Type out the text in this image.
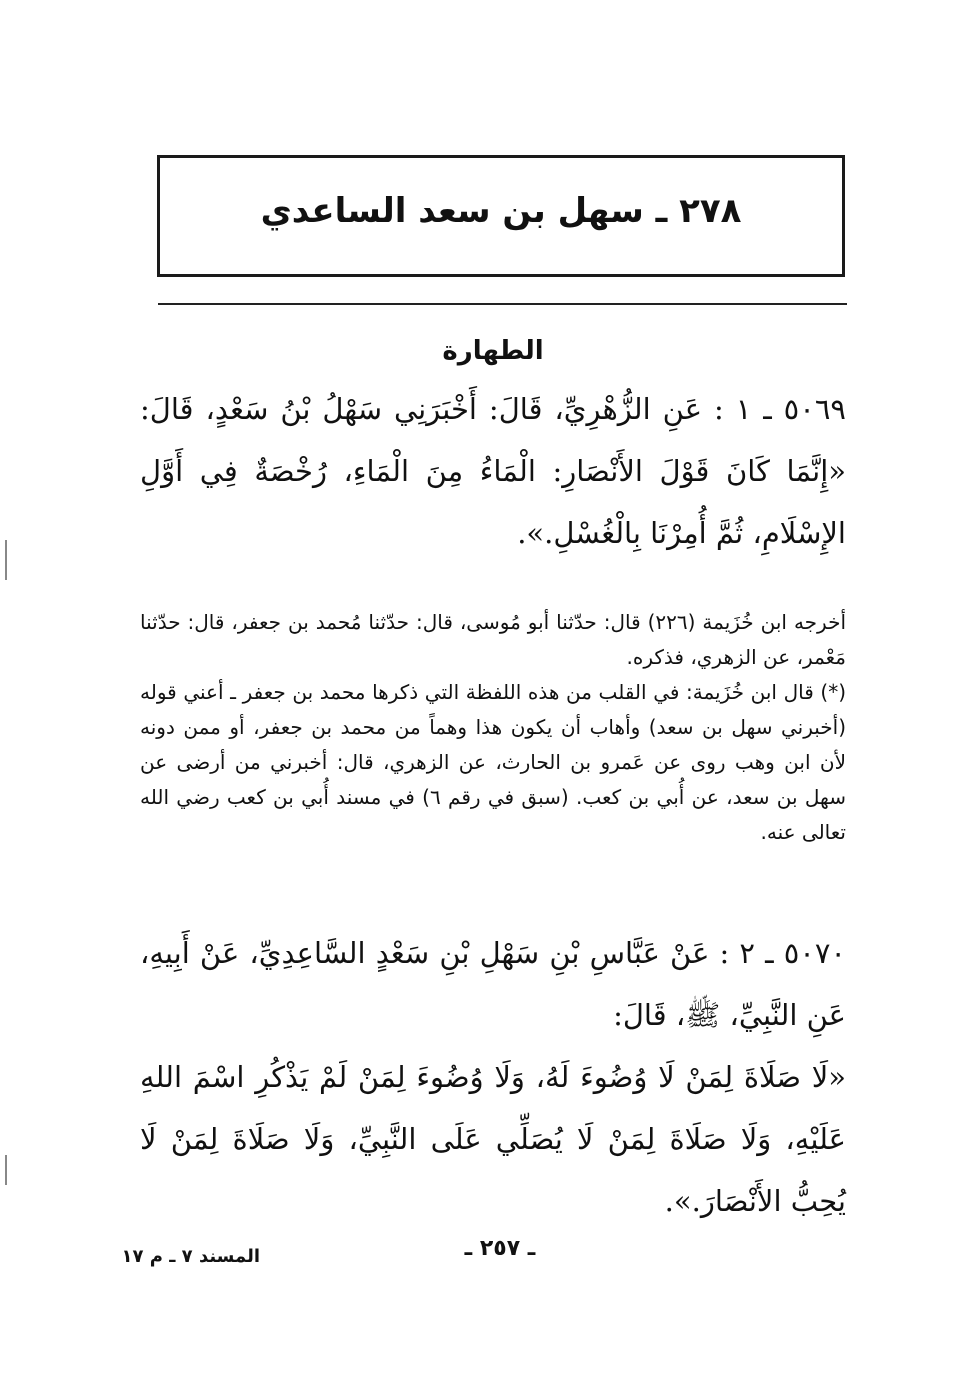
٢٧٨ ـ سهل بن سعد الساعدي
الطهارة
٥٠٦٩ ـ ١ : عَنِ الزُّهْرِيِّ، قَالَ: أَخْبَرَنِي سَهْلُ بْنُ سَعْدٍ، قَالَ: «إِنَّمَا كَانَ قَوْلَ الأَنْصَارِ: الْمَاءُ مِنَ الْمَاءِ، رُخْصَةٌ فِي أَوَّلِ الإِسْلَامِ، ثُمَّ أُمِرْنَا بِالْغُسْلِ.».

أخرجه ابن خُزَيمة (٢٢٦) قال: حدّثنا أبو مُوسى، قال: حدّثنا مُحمد بن جعفر، قال: حدّثنا مَعْمر، عن الزهري، فذكره.

(*) قال ابن خُزَيمة: في القلب من هذه اللفظة التي ذكرها محمد بن جعفر ـ أعني قوله (أخبرني سهل بن سعد) وأهاب أن يكون هذا وهماً من محمد بن جعفر، أو ممن دونه لأن ابن وهب روى عن عَمرو بن الحارث، عن الزهري، قال: أخبرني من أرضى عن سهل بن سعد، عن أُبي بن كعب. (سبق في رقم ٦) في مسند أُبي بن كعب رضي الله تعالى عنه.

٥٠٧٠ ـ ٢ : عَنْ عَبَّاسِ بْنِ سَهْلِ بْنِ سَعْدٍ السَّاعِدِيِّ، عَنْ أَبِيهِ، عَنِ النَّبِيِّ، ﷺ، قَالَ:
«لَا صَلَاةَ لِمَنْ لَا وُضُوءَ لَهُ، وَلَا وُضُوءَ لِمَنْ لَمْ يَذْكُرِ اسْمَ اللهِ عَلَيْهِ، وَلَا صَلَاةَ لِمَنْ لَا يُصَلِّي عَلَى النَّبِيِّ، وَلَا صَلَاةَ لِمَنْ لَا يُحِبُّ الأَنْصَارَ.».
ـ ٢٥٧ ـ
المسند ٧ ـ م ١٧
